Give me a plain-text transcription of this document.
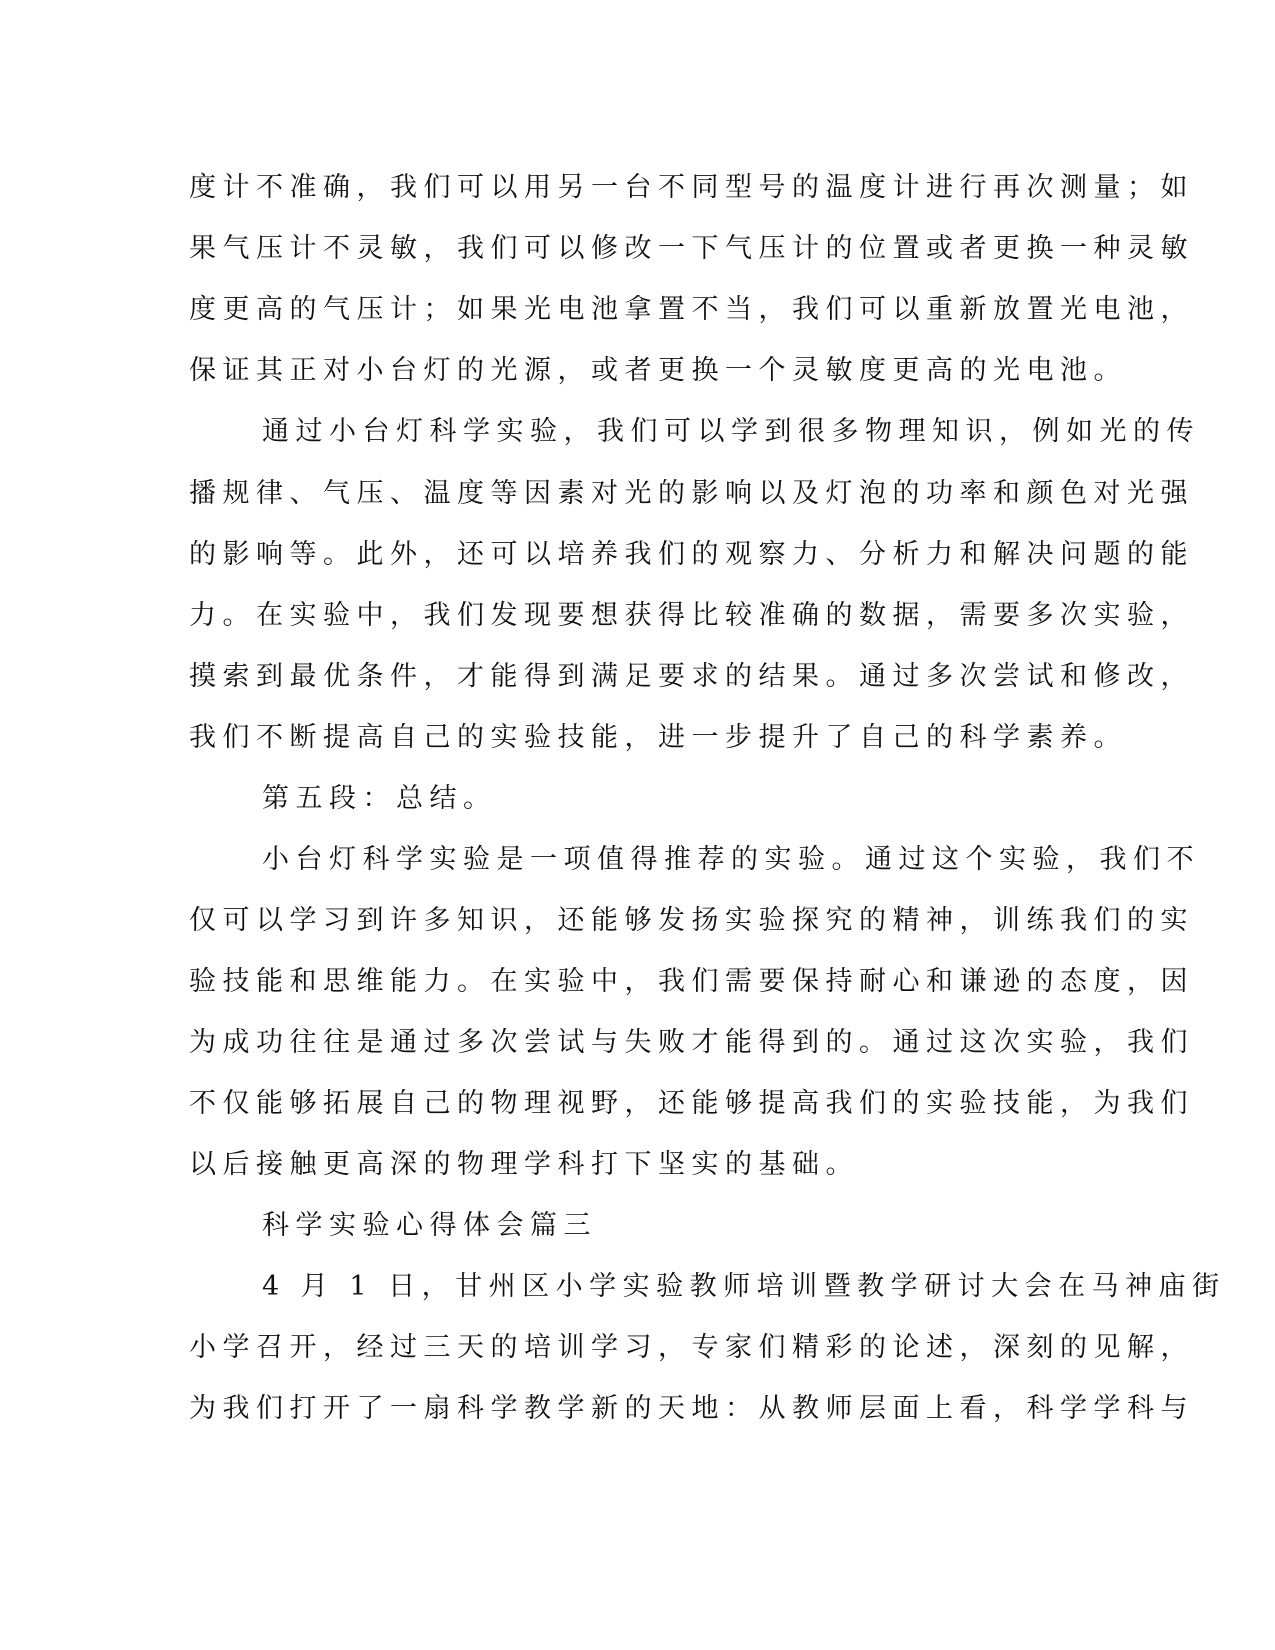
度计不准确，我们可以用另一台不同型号的温度计进行再次测量；如

果气压计不灵敏，我们可以修改一下气压计的位置或者更换一种灵敏

度更高的气压计；如果光电池拿置不当，我们可以重新放置光电池，

保证其正对小台灯的光源，或者更换一个灵敏度更高的光电池。

通过小台灯科学实验，我们可以学到很多物理知识，例如光的传

播规律、气压、温度等因素对光的影响以及灯泡的功率和颜色对光强

的影响等。此外，还可以培养我们的观察力、分析力和解决问题的能

力。在实验中，我们发现要想获得比较准确的数据，需要多次实验，

摸索到最优条件，才能得到满足要求的结果。通过多次尝试和修改，

我们不断提高自己的实验技能，进一步提升了自己的科学素养。

第五段：总结。

小台灯科学实验是一项值得推荐的实验。通过这个实验，我们不

仅可以学习到许多知识，还能够发扬实验探究的精神，训练我们的实

验技能和思维能力。在实验中，我们需要保持耐心和谦逊的态度，因

为成功往往是通过多次尝试与失败才能得到的。通过这次实验，我们

不仅能够拓展自己的物理视野，还能够提高我们的实验技能，为我们

以后接触更高深的物理学科打下坚实的基础。

科学实验心得体会篇三

4 月 1 日，甘州区小学实验教师培训暨教学研讨大会在马神庙街

小学召开，经过三天的培训学习，专家们精彩的论述，深刻的见解，

为我们打开了一扇科学教学新的天地：从教师层面上看，科学学科与
